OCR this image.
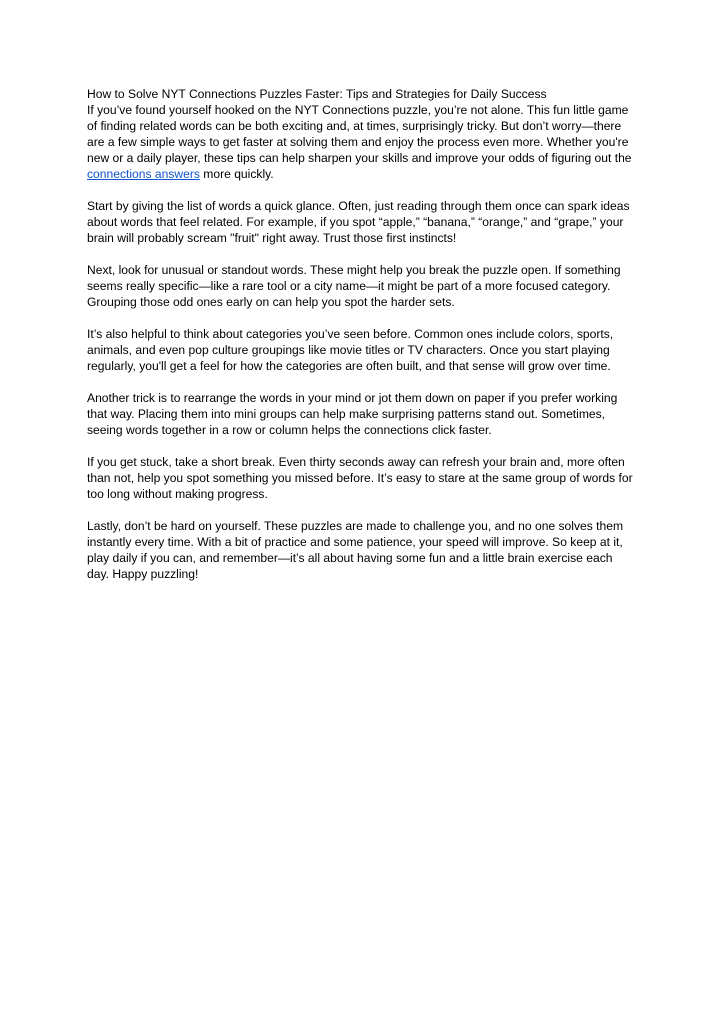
How to Solve NYT Connections Puzzles Faster: Tips and Strategies for Daily Success
If you’ve found yourself hooked on the NYT Connections puzzle, you’re not alone. This fun little game of finding related words can be both exciting and, at times, surprisingly tricky. But don’t worry—there are a few simple ways to get faster at solving them and enjoy the process even more. Whether you're new or a daily player, these tips can help sharpen your skills and improve your odds of figuring out the connections answers more quickly.

Start by giving the list of words a quick glance. Often, just reading through them once can spark ideas about words that feel related. For example, if you spot “apple,” “banana,” “orange,” and “grape,” your brain will probably scream "fruit" right away. Trust those first instincts!

Next, look for unusual or standout words. These might help you break the puzzle open. If something seems really specific—like a rare tool or a city name—it might be part of a more focused category. Grouping those odd ones early on can help you spot the harder sets.

It’s also helpful to think about categories you’ve seen before. Common ones include colors, sports, animals, and even pop culture groupings like movie titles or TV characters. Once you start playing regularly, you'll get a feel for how the categories are often built, and that sense will grow over time.

Another trick is to rearrange the words in your mind or jot them down on paper if you prefer working that way. Placing them into mini groups can help make surprising patterns stand out. Sometimes, seeing words together in a row or column helps the connections click faster.

If you get stuck, take a short break. Even thirty seconds away can refresh your brain and, more often than not, help you spot something you missed before. It’s easy to stare at the same group of words for too long without making progress.

Lastly, don’t be hard on yourself. These puzzles are made to challenge you, and no one solves them instantly every time. With a bit of practice and some patience, your speed will improve. So keep at it, play daily if you can, and remember—it’s all about having some fun and a little brain exercise each day. Happy puzzling!
